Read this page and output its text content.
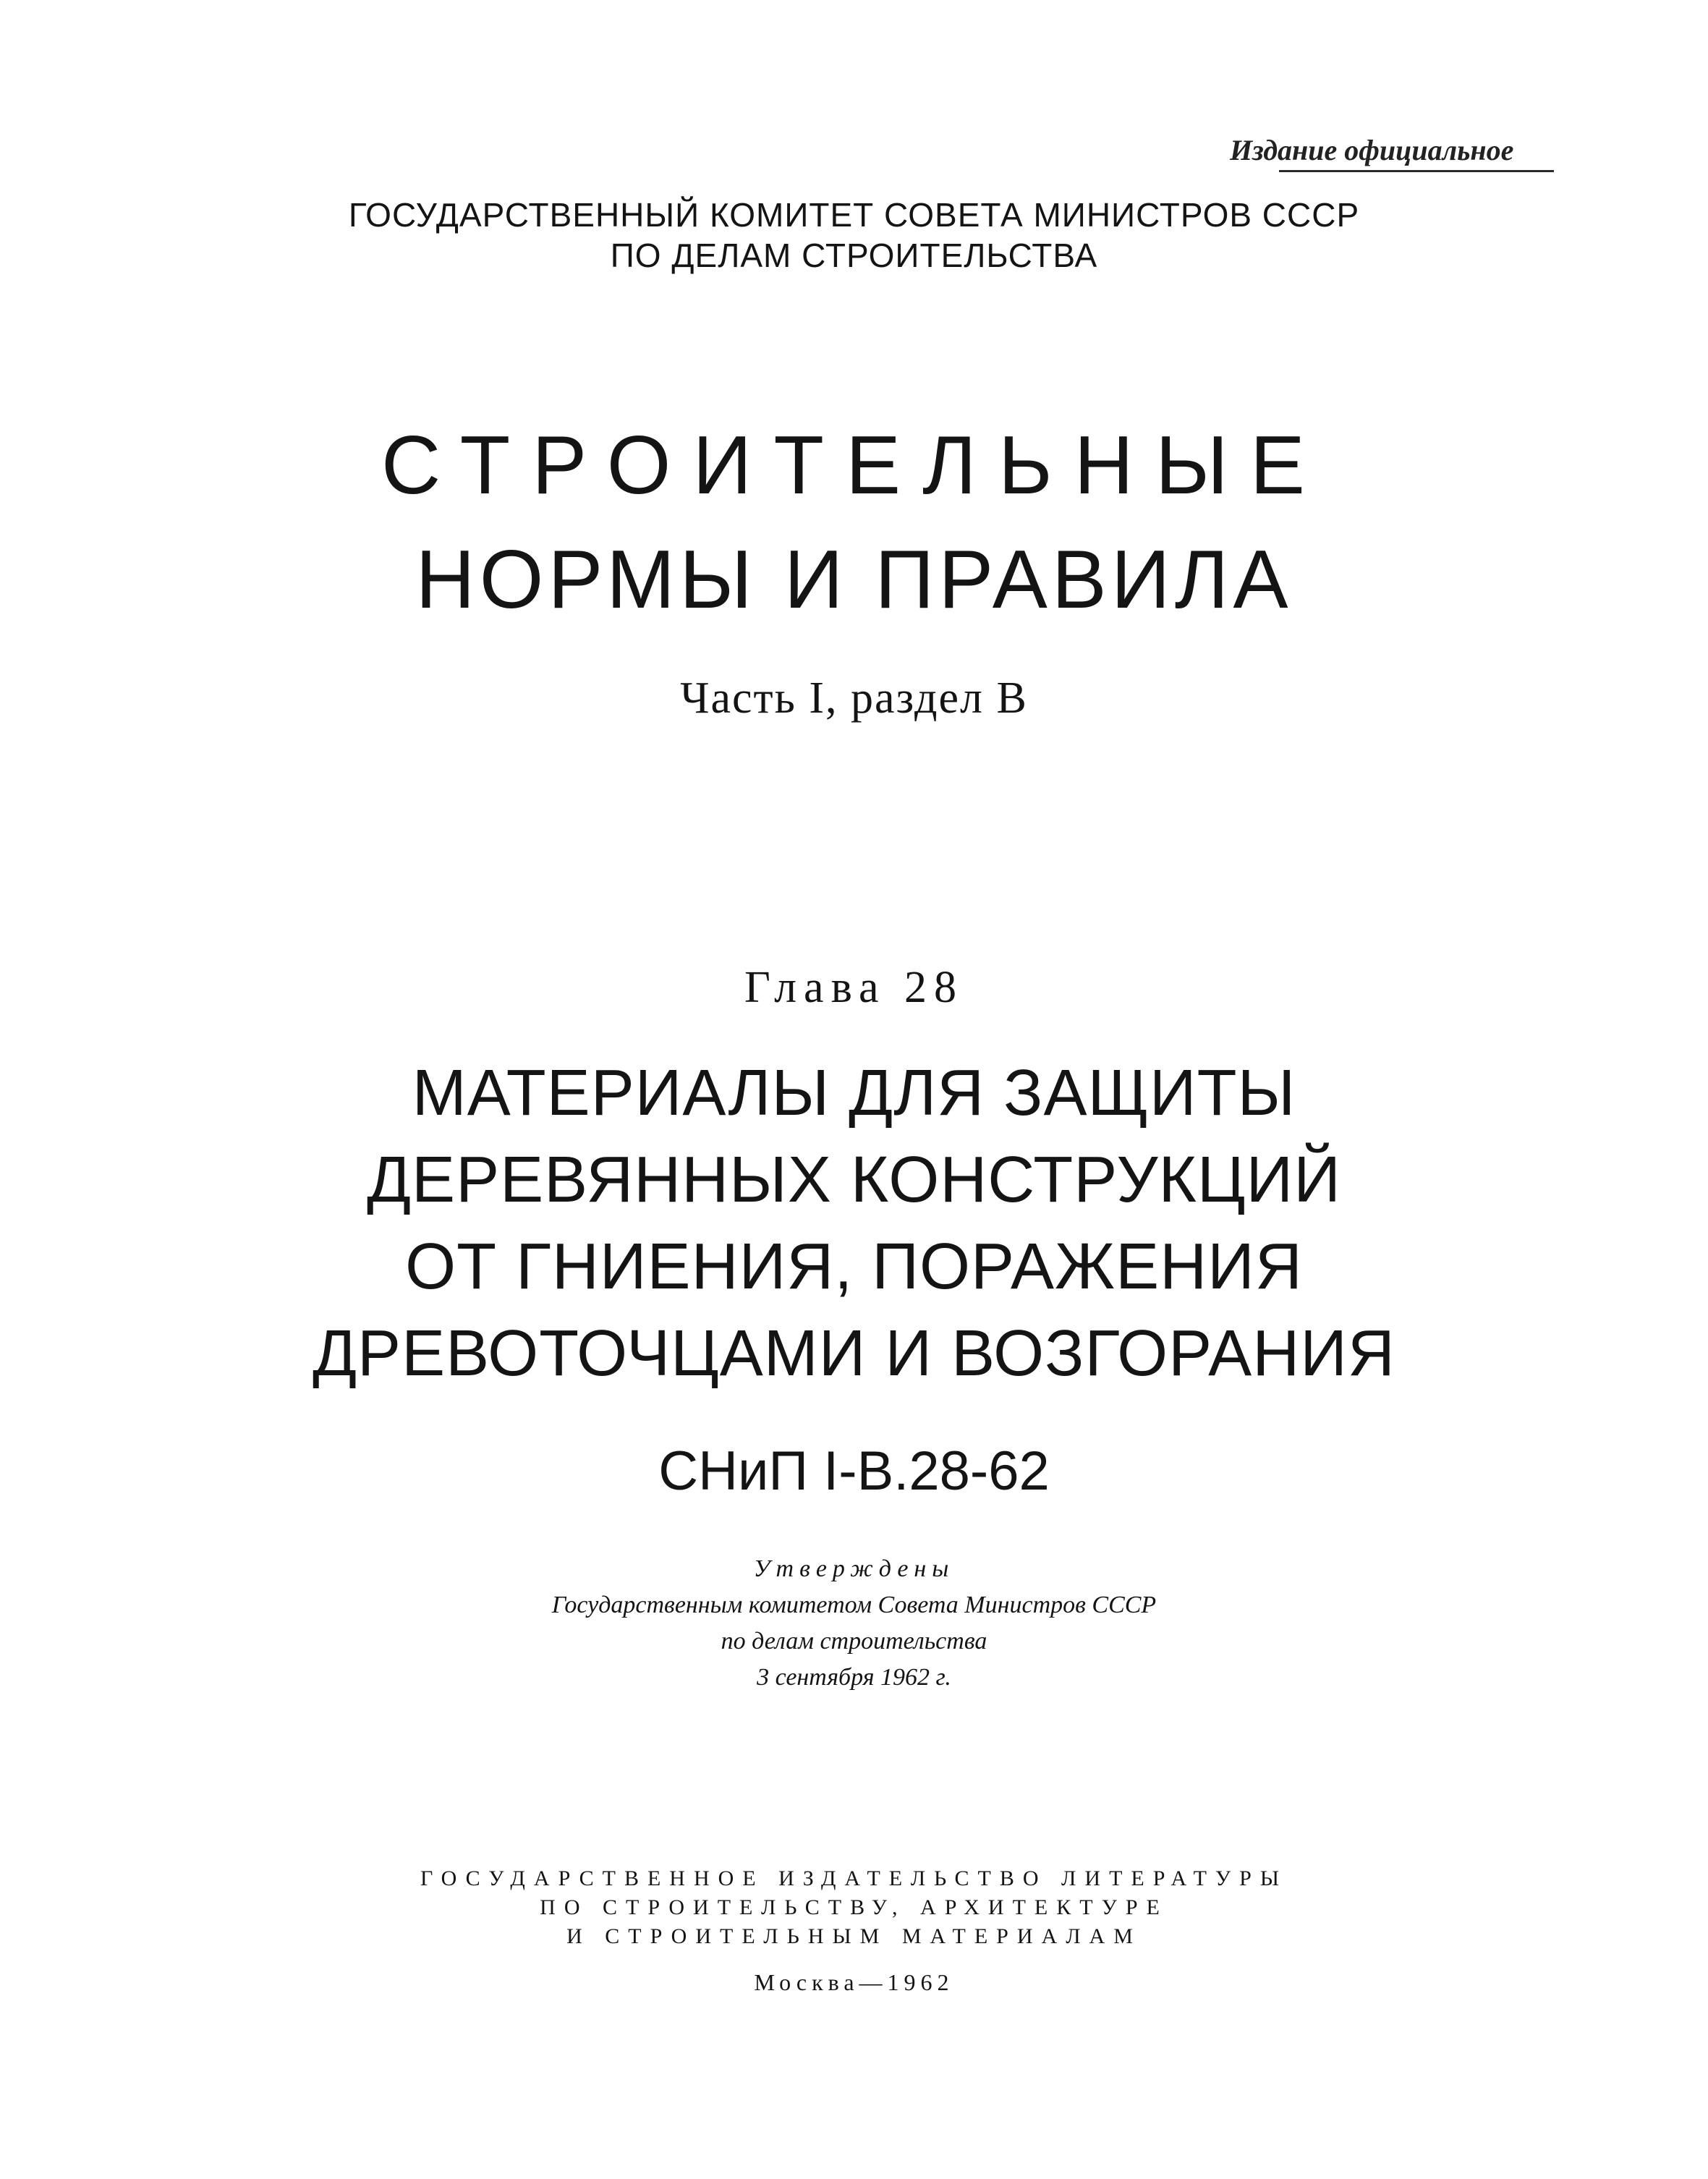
Издание официальное
ГОСУДАРСТВЕННЫЙ КОМИТЕТ СОВЕТА МИНИСТРОВ СССР
ПО ДЕЛАМ СТРОИТЕЛЬСТВА
СТРОИТЕЛЬНЫЕ
НОРМЫ И ПРАВИЛА
Часть I, раздел В
Глава 28
МАТЕРИАЛЫ ДЛЯ ЗАЩИТЫ
ДЕРЕВЯННЫХ КОНСТРУКЦИЙ
ОТ ГНИЕНИЯ, ПОРАЖЕНИЯ
ДРЕВОТОЧЦАМИ И ВОЗГОРАНИЯ
СНиП I-В.28-62
Утверждены
Государственным комитетом Совета Министров СССР
по делам строительства
3 сентября 1962 г.
ГОСУДАРСТВЕННОЕ ИЗДАТЕЛЬСТВО ЛИТЕРАТУРЫ
ПО СТРОИТЕЛЬСТВУ, АРХИТЕКТУРЕ
И СТРОИТЕЛЬНЫМ МАТЕРИАЛАМ
Москва—1962
